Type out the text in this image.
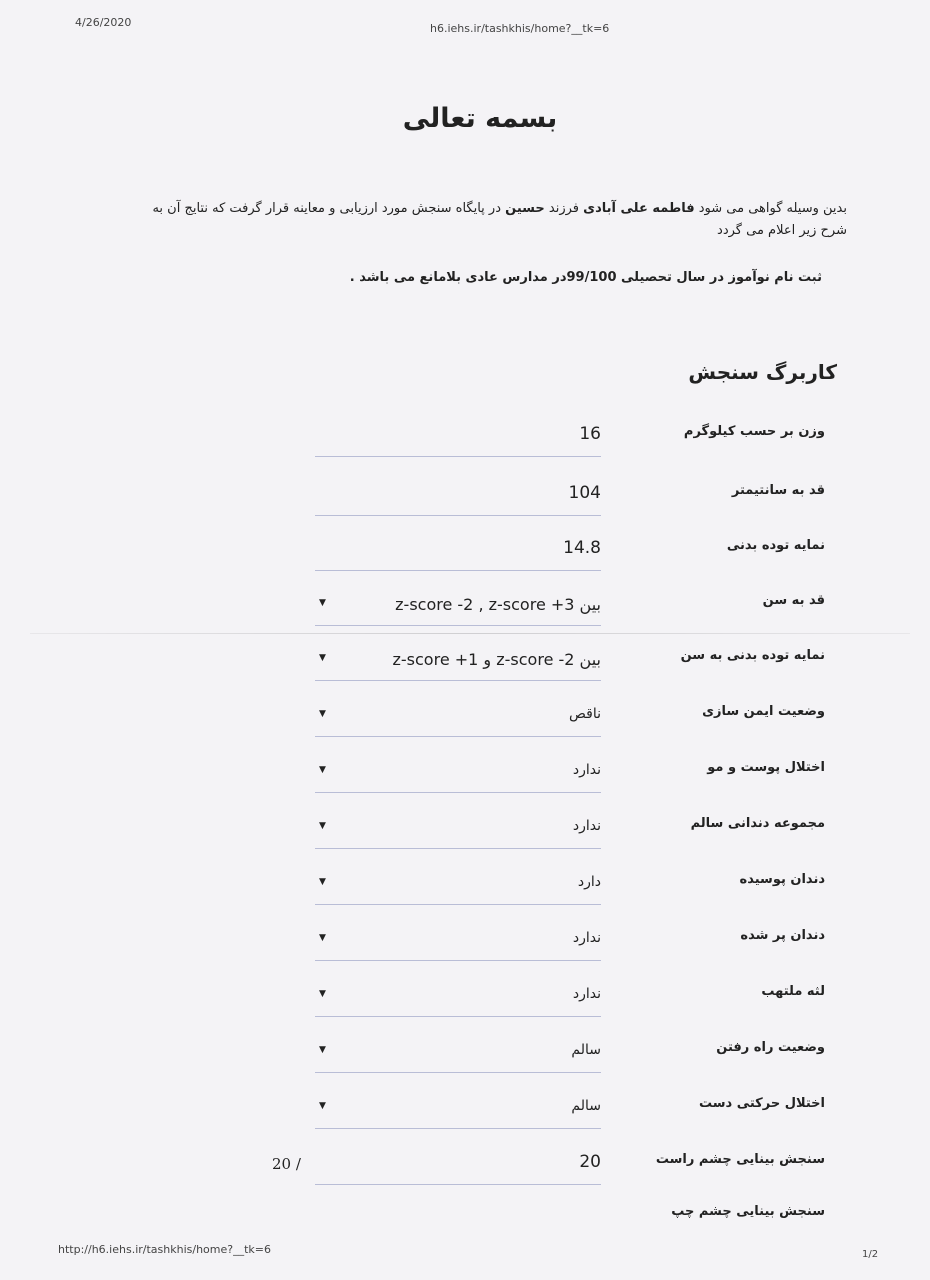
4/26/2020	h6.iehs.ir/tashkhis/home?__tk=6
بسمه تعالی
بدین وسیله گواهی می شود فاطمه علی آبادی فرزند حسین در پایگاه سنجش مورد ارزیابی و معاینه قرار گرفت که نتایج آن به شرح زیر اعلام می گردد
ثبت نام نوآموز در سال تحصیلی 99/100در مدارس عادی بلامانع می باشد .
کاربرگ سنجش
وزن بر حسب کیلوگرم
16
قد به سانتیمتر
104
نمایه توده بدنی
14.8
قد به سن
▼	بین z-score -2 , z-score +3
نمایه توده بدنی به سن
▼	بین z-score -2 و z-score +1
وضعیت ایمن سازی
▼	ناقص
اختلال پوست و مو
▼	ندارد
مجموعه دندانی سالم
▼	ندارد
دندان پوسیده
▼	دارد
دندان پر شده
▼	ندارد
لثه ملتهب
▼	ندارد
وضعیت راه رفتن
▼	سالم
اختلال حرکتی دست
▼	سالم
سنجش بینایی چشم راست
20
20 /
سنجش بینایی چشم چپ
http://h6.iehs.ir/tashkhis/home?__tk=6	1/2
